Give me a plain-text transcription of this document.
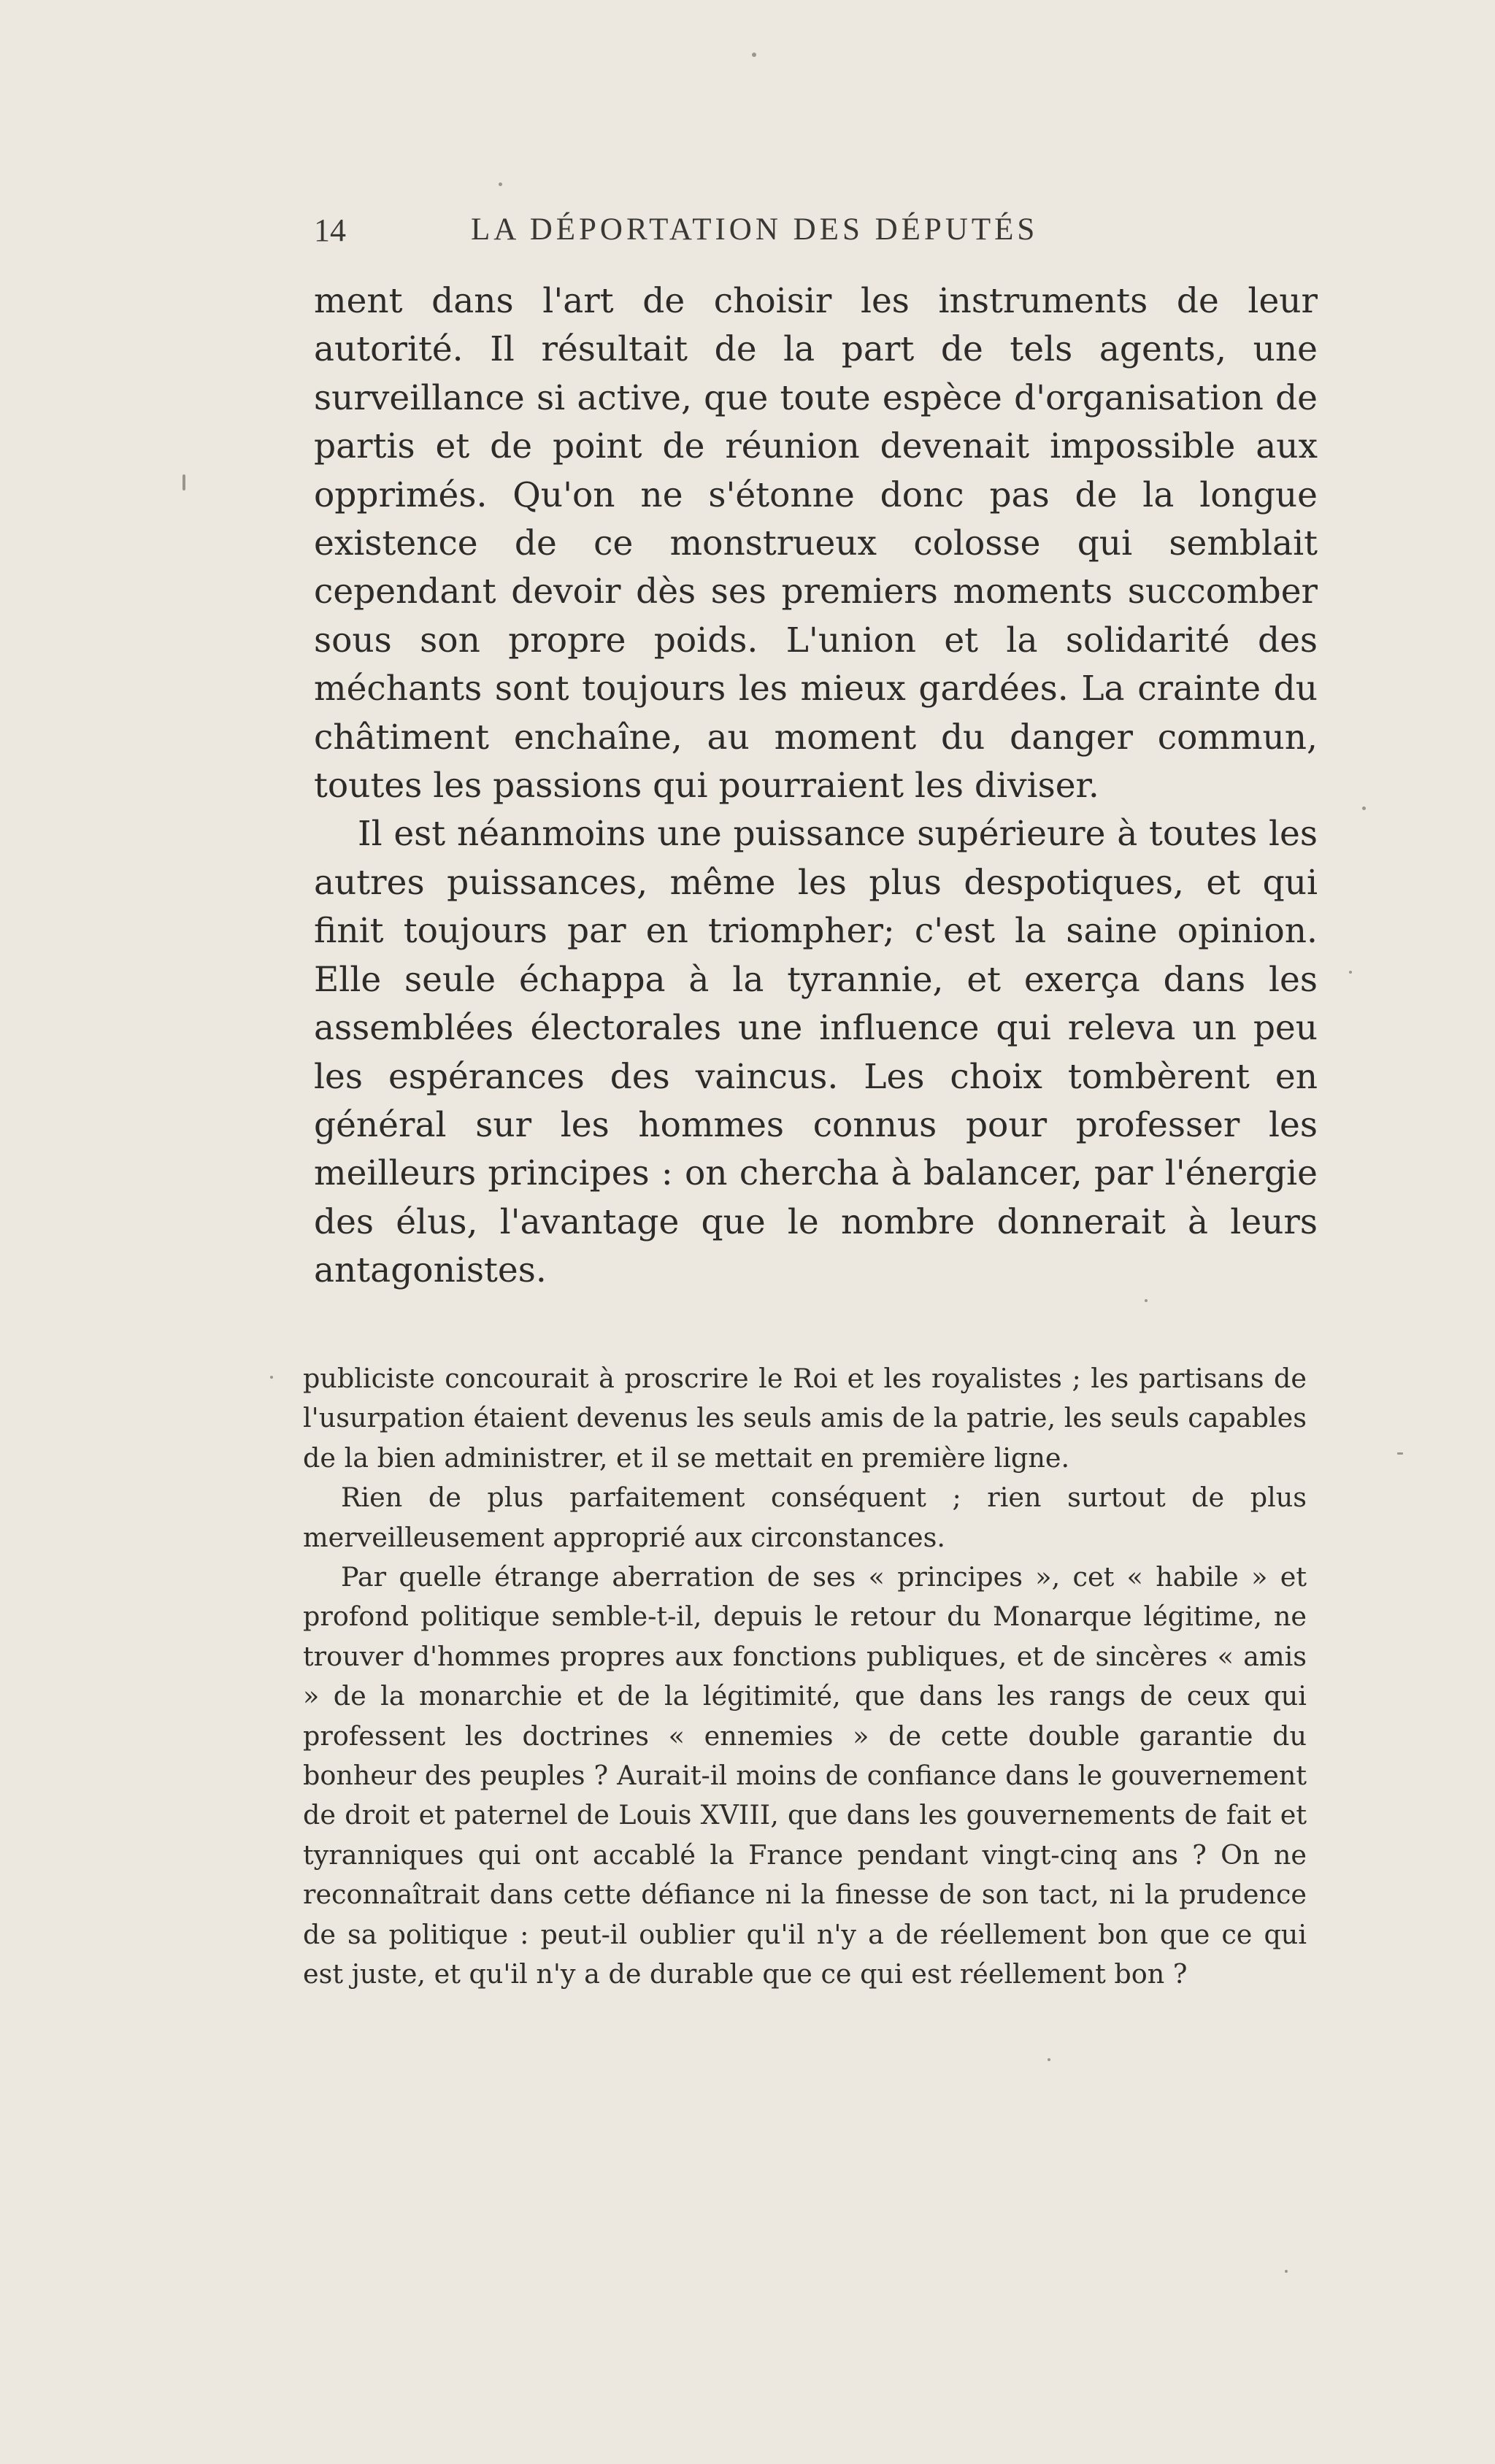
14	LA DÉPORTATION DES DÉPUTÉS

ment dans l'art de choisir les instruments de leur autorité. Il résultait de la part de tels agents, une surveillance si active, que toute espèce d'organisation de partis et de point de réunion devenait impossible aux opprimés. Qu'on ne s'étonne donc pas de la longue existence de ce monstrueux colosse qui semblait cependant devoir dès ses premiers moments succomber sous son propre poids. L'union et la solidarité des méchants sont toujours les mieux gardées. La crainte du châtiment enchaîne, au moment du danger commun, toutes les passions qui pourraient les diviser.

Il est néanmoins une puissance supérieure à toutes les autres puissances, même les plus despotiques, et qui finit toujours par en triompher; c'est la saine opinion. Elle seule échappa à la tyrannie, et exerça dans les assemblées électorales une influence qui releva un peu les espérances des vaincus. Les choix tombèrent en général sur les hommes connus pour professer les meilleurs principes : on chercha à balancer, par l'énergie des élus, l'avantage que le nombre donnerait à leurs antagonistes.

publiciste concourait à proscrire le Roi et les royalistes ; les partisans de l'usurpation étaient devenus les seuls amis de la patrie, les seuls capables de la bien administrer, et il se mettait en première ligne.

Rien de plus parfaitement conséquent ; rien surtout de plus merveilleusement approprié aux circonstances.

Par quelle étrange aberration de ses « principes », cet « habile » et profond politique semble-t-il, depuis le retour du Monarque légitime, ne trouver d'hommes propres aux fonctions publiques, et de sincères « amis » de la monarchie et de la légitimité, que dans les rangs de ceux qui professent les doctrines « ennemies » de cette double garantie du bonheur des peuples ? Aurait-il moins de confiance dans le gouvernement de droit et paternel de Louis XVIII, que dans les gouvernements de fait et tyranniques qui ont accablé la France pendant vingt-cinq ans ? On ne reconnaîtrait dans cette défiance ni la finesse de son tact, ni la prudence de sa politique : peut-il oublier qu'il n'y a de réellement bon que ce qui est juste, et qu'il n'y a de durable que ce qui est réellement bon ?
